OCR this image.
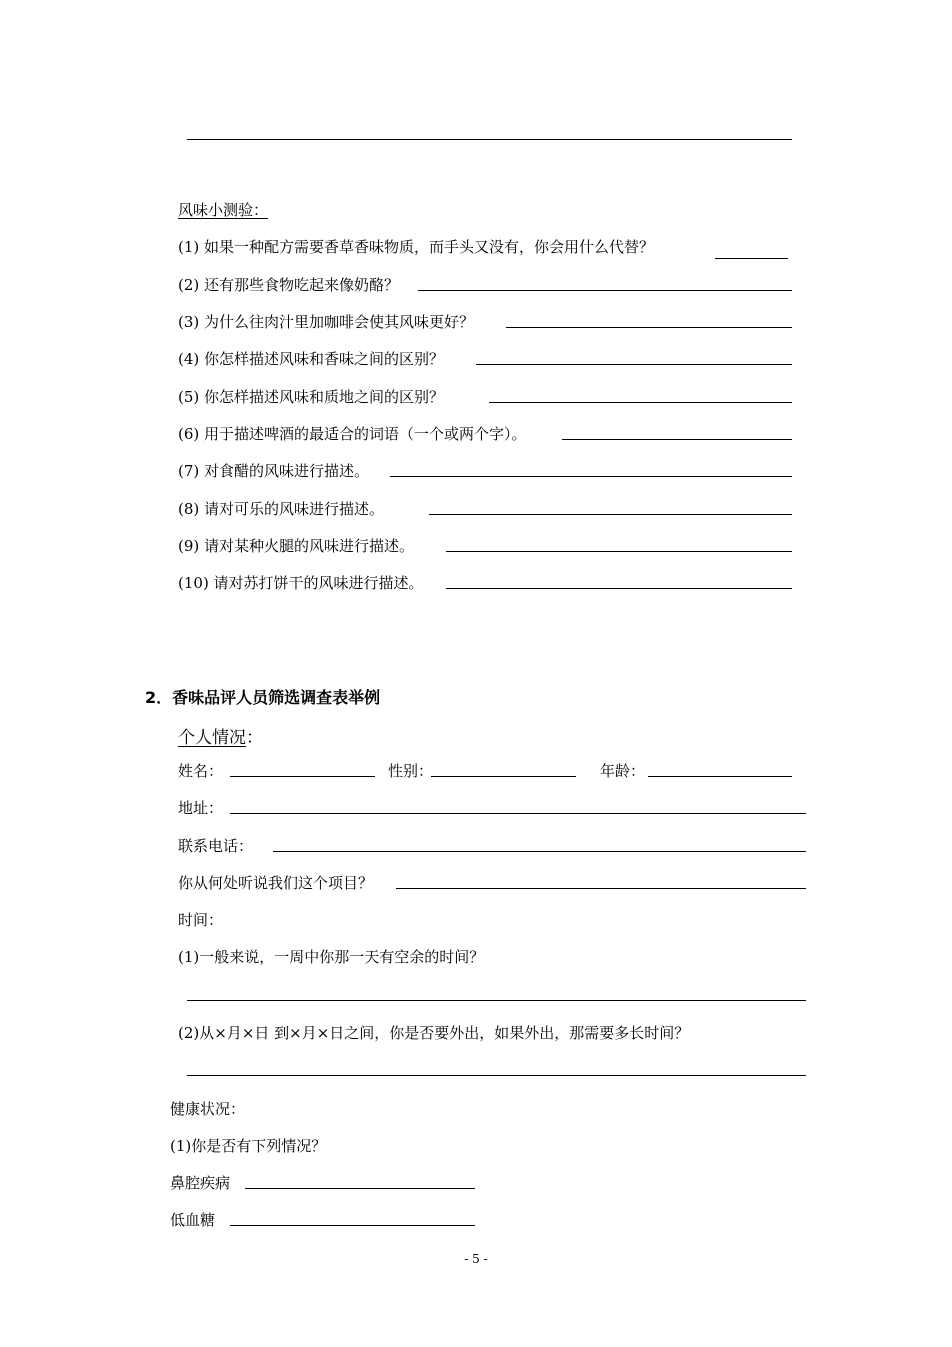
风味小测验：
(1) 如果一种配方需要香草香味物质，而手头又没有，你会用什么代替？
(2) 还有那些食物吃起来像奶酪？
(3) 为什么往肉汁里加咖啡会使其风味更好？
(4) 你怎样描述风味和香味之间的区别？
(5) 你怎样描述风味和质地之间的区别？
(6) 用于描述啤酒的最适合的词语（一个或两个字）。
(7) 对食醋的风味进行描述。
(8) 请对可乐的风味进行描述。
(9) 请对某种火腿的风味进行描述。
(10) 请对苏打饼干的风味进行描述。
2．香味品评人员筛选调查表举例
个人情况：
姓名：	性别：	年龄：
地址：
联系电话：
你从何处听说我们这个项目？
时间：
(1)一般来说，一周中你那一天有空余的时间？
(2)从×月×日 到×月×日之间，你是否要外出，如果外出，那需要多长时间？
健康状况：
(1)你是否有下列情况？
鼻腔疾病
低血糖
- 5 -
